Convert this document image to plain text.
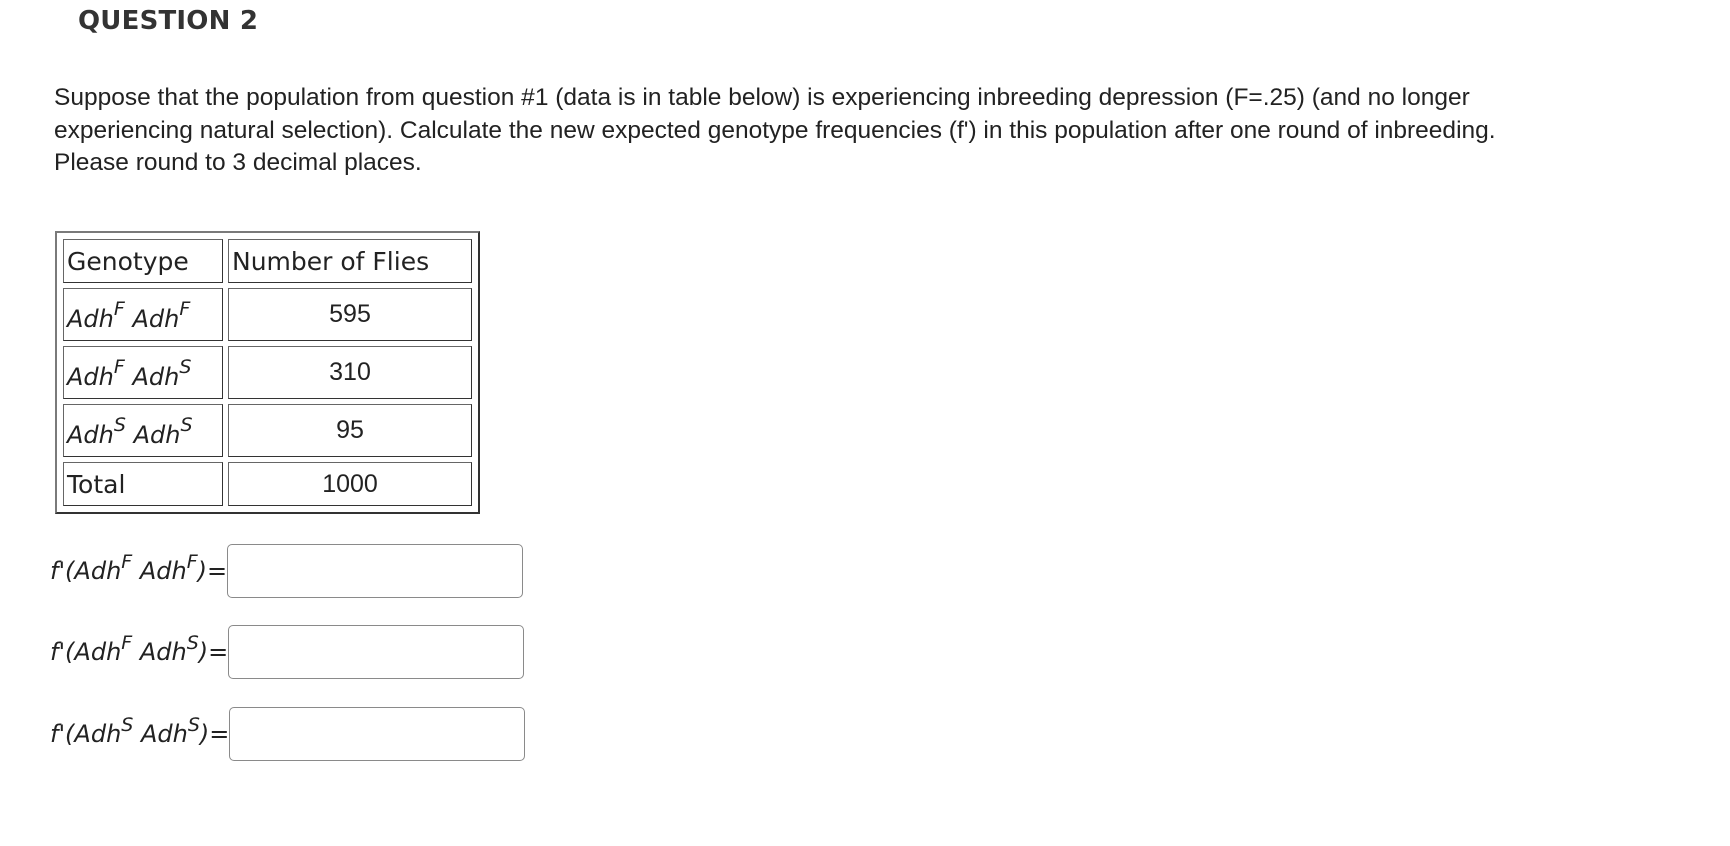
QUESTION 2
Suppose that the population from question #1 (data is in table below) is experiencing inbreeding depression (F=.25) (and no longer
experiencing natural selection). Calculate the new expected genotype frequencies (f') in this population after one round of inbreeding.
Please round to 3 decimal places.
Genotype	Number of Flies
Adh$^F$ Adh$^F$	595
Adh$^F$ Adh$^S$	310
Adh$^S$ Adh$^S$	95
Total	1000
f'(Adh$^F$ Adh$^F$)=
f'(Adh$^F$ Adh$^S$)=
f'(Adh$^S$ Adh$^S$)=
